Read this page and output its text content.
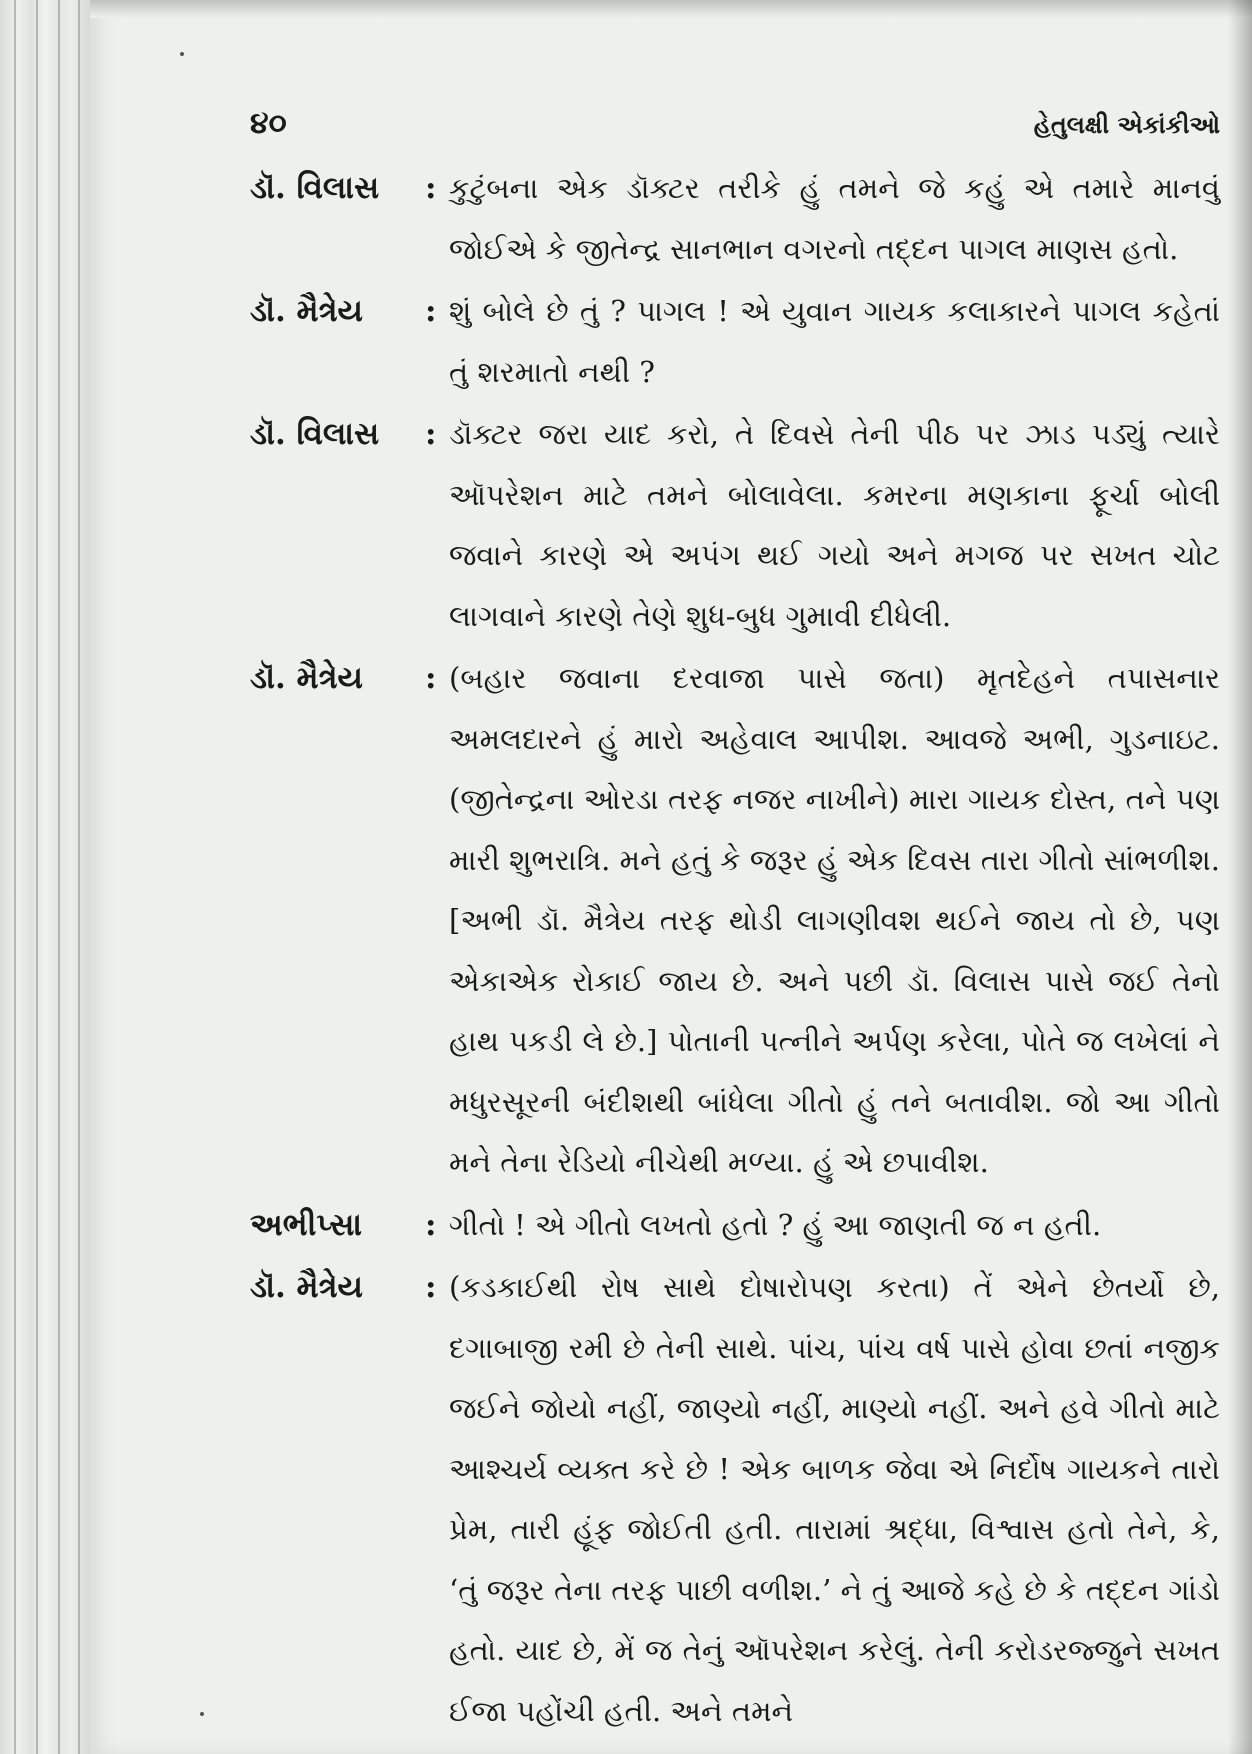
૪૦	હેતુલક્ષી એકાંકીઓ
ડૉ. વિલાસ	: કુટુંબના એક ડૉક્ટર તરીકે હું તમને જે કહું એ તમારે માનવું જોઈએ કે જીતેન્દ્ર સાનભાન વગરનો તદ્દન પાગલ માણસ હતો.
ડૉ. મૈત્રેય	: શું બોલે છે તું ? પાગલ ! એ યુવાન ગાયક કલાકારને પાગલ કહેતાં તું શરમાતો નથી ?
ડૉ. વિલાસ	: ડૉક્ટર જરા યાદ કરો, તે દિવસે તેની પીઠ પર ઝાડ પડ્યું ત્યારે ઑપરેશન માટે તમને બોલાવેલા. કમરના મણકાના ફૂર્ચા બોલી જવાને કારણે એ અપંગ થઈ ગયો અને મગજ પર સખત ચોટ લાગવાને કારણે તેણે શુધ-બુધ ગુમાવી દીધેલી.
ડૉ. મૈત્રેય	: (બહાર જવાના દરવાજા પાસે જતા) મૃતદેહને તપાસનાર અમલદારને હું મારો અહેવાલ આપીશ. આવજે અભી, ગુડનાઇટ. (જીતેન્દ્રના ઓરડા તરફ નજર નાખીને) મારા ગાયક દોસ્ત, તને પણ મારી શુભરાત્રિ. મને હતું કે જરૂર હું એક દિવસ તારા ગીતો સાંભળીશ. [અભી ડૉ. મૈત્રેય તરફ થોડી લાગણીવશ થઈને જાય તો છે, પણ એકાએક રોકાઈ જાય છે. અને પછી ડૉ. વિલાસ પાસે જઈ તેનો હાથ પકડી લે છે.] પોતાની પત્નીને અર્પણ કરેલા, પોતે જ લખેલાં ને મધુરસૂરની બંદીશથી બાંધેલા ગીતો હું તને બતાવીશ. જો આ ગીતો મને તેના રેડિયો નીચેથી મળ્યા. હું એ છપાવીશ.
અભીપ્સા	: ગીતો ! એ ગીતો લખતો હતો ? હું આ જાણતી જ ન હતી.
ડૉ. મૈત્રેય	: (કડકાઈથી રોષ સાથે દોષારોપણ કરતા) તેં એને છેતર્યો છે, દગાબાજી રમી છે તેની સાથે. પાંચ, પાંચ વર્ષ પાસે હોવા છતાં નજીક જઈને જોયો નહીં, જાણ્યો નહીં, માણ્યો નહીં. અને હવે ગીતો માટે આશ્ચર્ય વ્યક્ત કરે છે ! એક બાળક જેવા એ નિર્દોષ ગાયકને તારો પ્રેમ, તારી હૂંફ જોઈતી હતી. તારામાં શ્રદ્ધા, વિશ્વાસ હતો તેને, કે, ‘તું જરૂર તેના તરફ પાછી વળીશ.’ ને તું આજે કહે છે કે તદ્દન ગાંડો હતો. યાદ છે, મેં જ તેનું ઑપરેશન કરેલું. તેની કરોડરજ્જુને સખત ઈજા પહોંચી હતી. અને તમને
